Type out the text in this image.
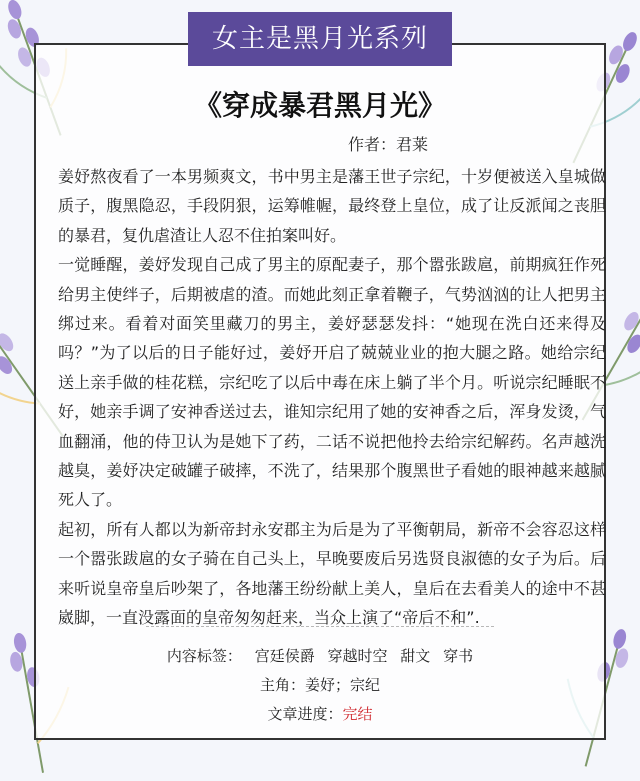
女主是黑月光系列
《穿成暴君黑月光》
作者：君莱

姜妤熬夜看了一本男频爽文，书中男主是藩王世子宗纪，十岁便被送入皇城做质子，腹黑隐忍，手段阴狠，运筹帷幄，最终登上皇位，成了让反派闻之丧胆的暴君，复仇虐渣让人忍不住拍案叫好。

一觉睡醒，姜妤发现自己成了男主的原配妻子，那个嚣张跋扈，前期疯狂作死给男主使绊子，后期被虐的渣。而她此刻正拿着鞭子，气势汹汹的让人把男主绑过来。看着对面笑里藏刀的男主，姜妤瑟瑟发抖：“她现在洗白还来得及吗？”为了以后的日子能好过，姜妤开启了兢兢业业的抱大腿之路。她给宗纪送上亲手做的桂花糕，宗纪吃了以后中毒在床上躺了半个月。听说宗纪睡眠不好，她亲手调了安神香送过去，谁知宗纪用了她的安神香之后，浑身发烫，气血翻涌，他的侍卫认为是她下了药，二话不说把他拎去给宗纪解药。名声越洗越臭，姜妤决定破罐子破摔，不洗了，结果那个腹黑世子看她的眼神越来越腻死人了。

起初，所有人都以为新帝封永安郡主为后是为了平衡朝局，新帝不会容忍这样一个嚣张跋扈的女子骑在自己头上，早晚要废后另选贤良淑德的女子为后。后来听说皇帝皇后吵架了，各地藩王纷纷献上美人，皇后在去看美人的途中不甚崴脚，一直没露面的皇帝匆匆赶来，当众上演了“帝后不和”.

内容标签： 宫廷侯爵 穿越时空 甜文 穿书
主角：姜妤；宗纪
文章进度：完结
